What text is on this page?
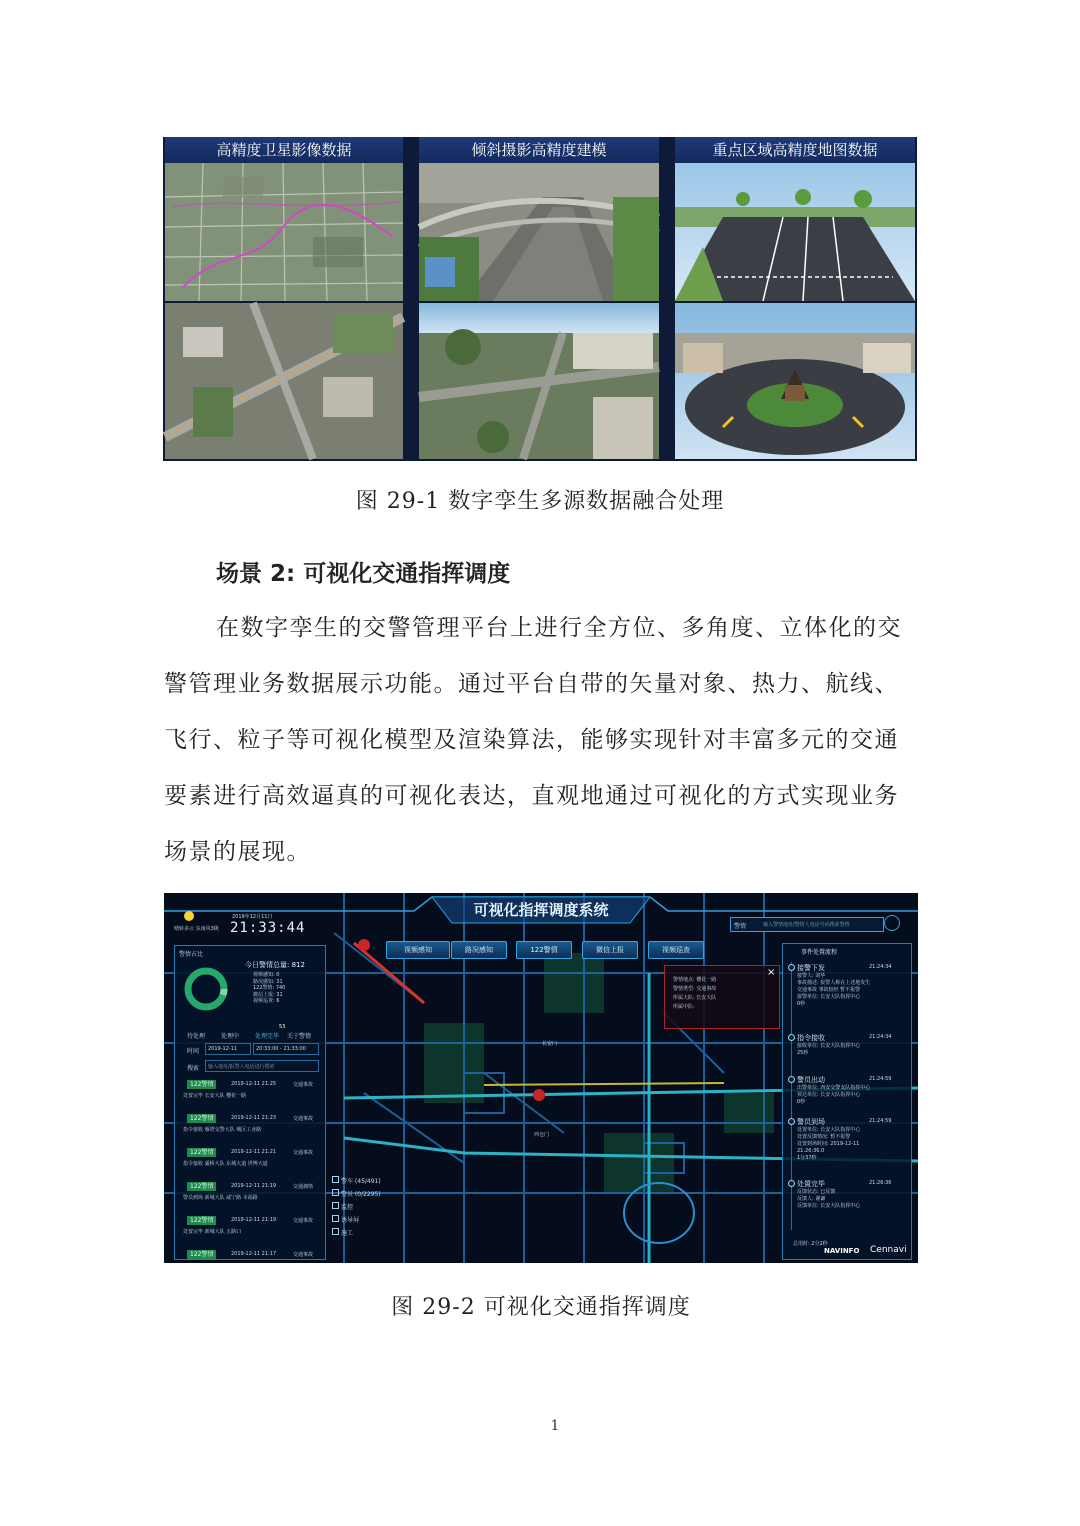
高精度卫星影像数据	倾斜摄影高精度建模	重点区域高精度地图数据
图 29-1 数字孪生多源数据融合处理
场景 2: 可视化交通指挥调度
在数字孪生的交警管理平台上进行全方位、多角度、立体化的交
警管理业务数据展示功能。通过平台自带的矢量对象、热力、航线、
飞行、粒子等可视化模型及渲染算法，能够实现针对丰富多元的交通
要素进行高效逼真的可视化表达，直观地通过可视化的方式实现业务
场景的展现。
可视化指挥调度系统
晴转多云 东南风3级
2019年12月11日
21:33:44	警情	输入警情地址/警情人电话号码搜索警情
视频感知	路况感知	122警情	微信上报	视频巡查
警情占比
今日警情总量: 812
视频感知: 0
路况感知: 31
122警情: 740
微信上报: 31
视频巡查: 6
待处理	处理中	处理完毕 关于警情
53
时间 2019-12-11	20:33:00 - 21:33:00
搜索 输入地址/报警人电话进行搜索
122警情	2019-12-11 21:25	交通事故
处置完毕 长安大队 樱花一路
122警情	2019-12-11 21:23	交通事故
指令接收 雁塔交警大队 城区工业路
122警情	2019-12-11 21:21	交通事故
指令接收 灞桥大队 东城大道 世博大道
122警情	2019-12-11 21:19	交通拥堵
警员到场 新城大队 咸宁路 幸福路
122警情	2019-12-11 21:19	交通事故
处置完毕 新城大队 五路口
122警情	2019-12-11 21:17	交通事故
警车 (45/491)
警员 (0/2295)
监控
诱导屏
施工
长安门
西仓门
警情地点: 樱花一路
警情类型: 交通事故
所属大队: 长安大队
所属中队:
×
事件处置流程
接警下发	21:24:34
接警人: 刘华
事故描述: 报警人称在上述地发生
交通事故 事故较轻 暂不报警
接警单位: 长安大队指挥中心
0秒
指令接收	21:24:34
接收单位: 长安大队指挥中心
25秒
警员出动	21:24:59
出警单位: 西安交警支队指挥中心
预达单位: 长安大队指挥中心
0秒
警员到场	21:24:59
处置单位: 长安大队指挥中心
处置反馈情况: 暂不报警
处置到场时间: 2019-12-11
21:26:36.0
1分37秒
处置完毕	21:26:36
反馈状态: 已反馈
反馈人: 谢谦
反馈单位: 长安大队指挥中心
总用时: 2分2秒
NAVINFO Cennavi
图 29-2 可视化交通指挥调度
1
